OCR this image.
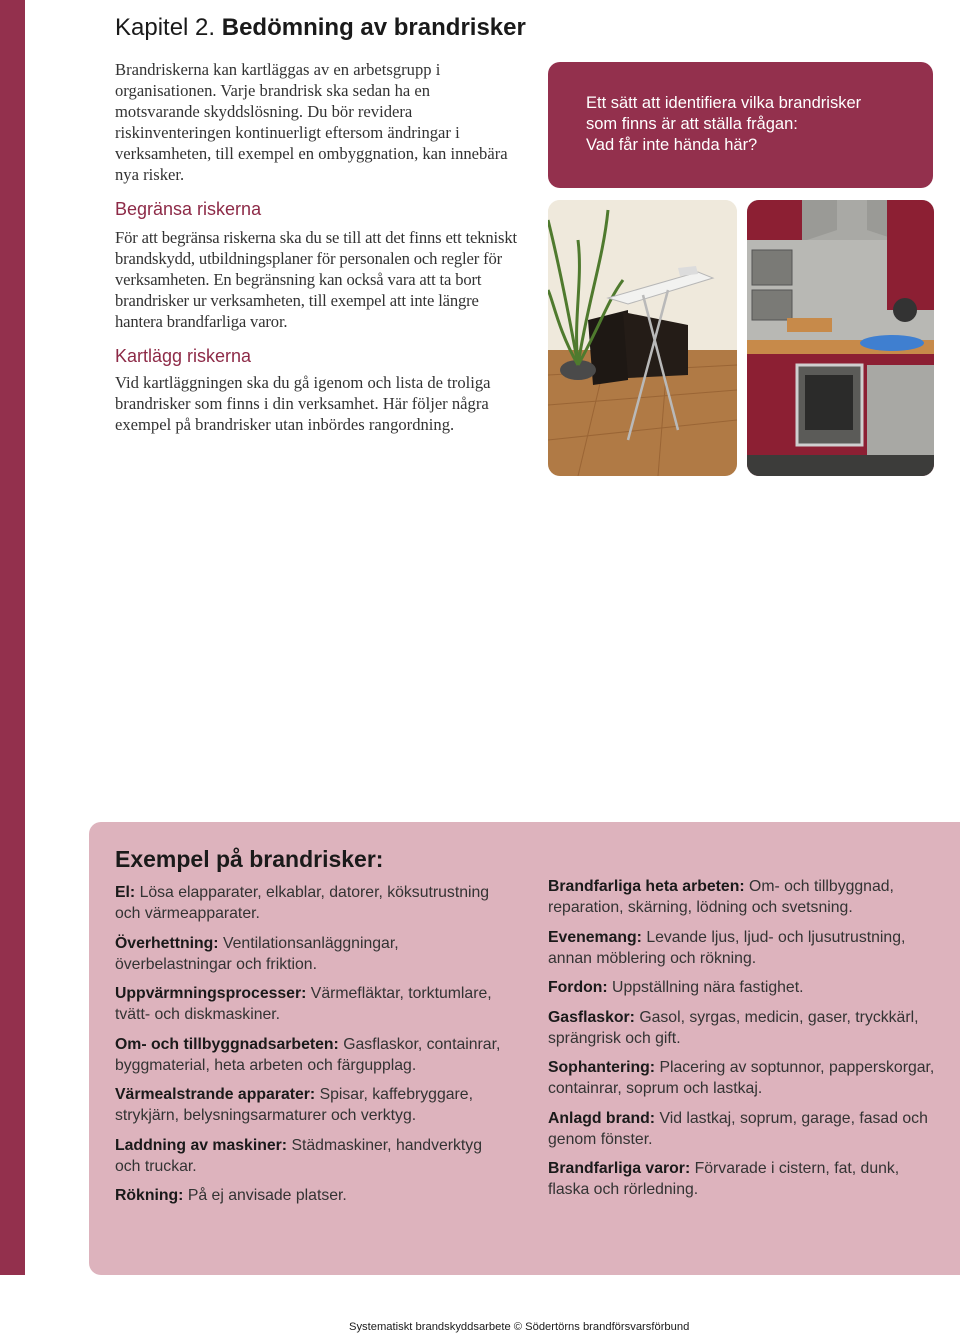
Kapitel 2. Bedömning av brandrisker

Brandriskerna kan kartläggas av en arbetsgrupp i organisationen. Varje brandrisk ska sedan ha en motsvarande skyddslösning. Du bör revidera riskinventeringen kontinuerligt eftersom ändringar i verksamheten, till exempel en ombyggnation, kan innebära nya risker.

Ett sätt att identifiera vilka brandrisker
som finns är att ställa frågan:
Vad får inte hända här?

Begränsa riskerna

För att begränsa riskerna ska du se till att det finns ett tekniskt brandskydd, utbildningsplaner för personalen och regler för verksamheten. En begränsning kan också vara att ta bort brandrisker ur verksamheten, till exempel att inte längre hantera brandfarliga varor.

Kartlägg riskerna

Vid kartläggningen ska du gå igenom och lista de troliga brandrisker som finns i din verksamhet. Här följer några exempel på brandrisker utan inbördes rangordning.

Exempel på brandrisker:

El: Lösa elapparater, elkablar, datorer, köksutrustning och värmeapparater.

Överhettning: Ventilationsanläggningar, överbelastningar och friktion.

Uppvärmningsprocesser: Värmefläktar, torktumlare, tvätt- och diskmaskiner.

Om- och tillbyggnadsarbeten: Gasflaskor, containrar, byggmaterial, heta arbeten och färgupplag.

Värmealstrande apparater: Spisar, kaffebryggare, strykjärn, belysningsarmaturer och verktyg.

Laddning av maskiner: Städmaskiner, handverktyg och truckar.

Rökning: På ej anvisade platser.

Brandfarliga heta arbeten: Om- och tillbyggnad, reparation, skärning, lödning och svetsning.

Evenemang: Levande ljus, ljud- och ljusutrustning, annan möblering och rökning.

Fordon: Uppställning nära fastighet.

Gasflaskor: Gasol, syrgas, medicin, gaser, tryckkärl, sprängrisk och gift.

Sophantering: Placering av soptunnor, papperskorgar, containrar, soprum och lastkaj.

Anlagd brand: Vid lastkaj, soprum, garage, fasad och genom fönster.

Brandfarliga varor: Förvarade i cistern, fat, dunk, flaska och rörledning.

Systematiskt brandskyddsarbete © Södertörns brandförsvarsförbund
